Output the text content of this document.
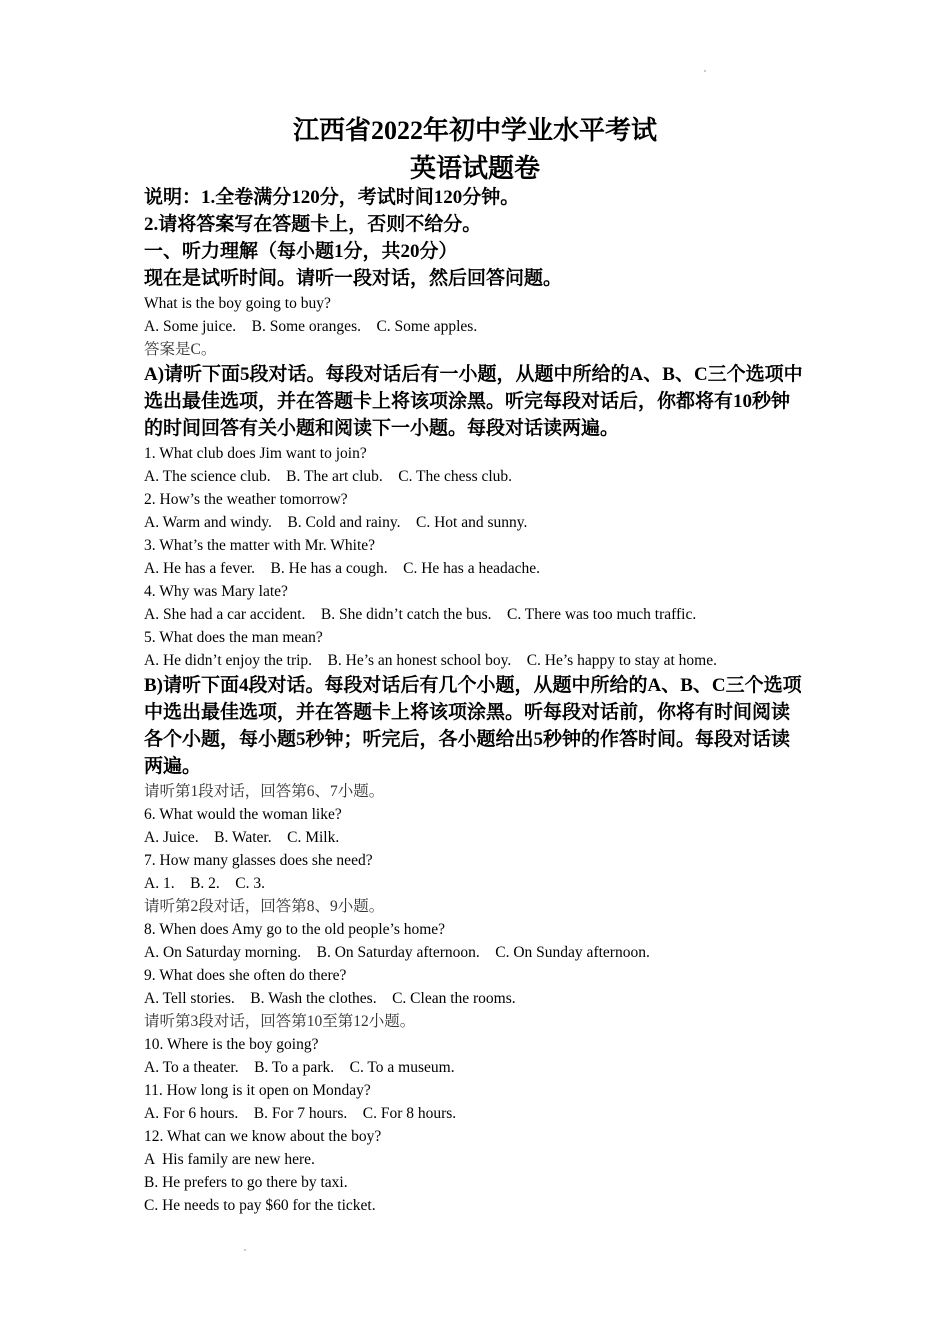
江西省2022年初中学业水平考试
英语试题卷

说明：1.全卷满分120分，考试时间120分钟。

2.请将答案写在答题卡上，否则不给分。

一、听力理解（每小题1分，共20分）

现在是试听时间。请听一段对话，然后回答问题。

What is the boy going to buy?

A. Some juice.    B. Some oranges.    C. Some apples.

答案是C。

A)请听下面5段对话。每段对话后有一小题，从题中所给的A、B、C三个选项中选出最佳选项，并在答题卡上将该项涂黑。听完每段对话后，你都将有10秒钟的时间回答有关小题和阅读下一小题。每段对话读两遍。

1. What club does Jim want to join?

A. The science club.    B. The art club.    C. The chess club.

2. How’s the weather tomorrow?

A. Warm and windy.    B. Cold and rainy.    C. Hot and sunny.

3. What’s the matter with Mr. White?

A. He has a fever.    B. He has a cough.    C. He has a headache.

4. Why was Mary late?

A. She had a car accident.    B. She didn’t catch the bus.    C. There was too much traffic.

5. What does the man mean?

A. He didn’t enjoy the trip.    B. He’s an honest school boy.    C. He’s happy to stay at home.

B)请听下面4段对话。每段对话后有几个小题，从题中所给的A、B、C三个选项中选出最佳选项，并在答题卡上将该项涂黑。听每段对话前，你将有时间阅读各个小题，每小题5秒钟；听完后，各小题给出5秒钟的作答时间。每段对话读两遍。

请听第1段对话，回答第6、7小题。

6. What would the woman like?

A. Juice.    B. Water.    C. Milk.

7. How many glasses does she need?

A. 1.    B. 2.    C. 3.

请听第2段对话，回答第8、9小题。

8. When does Amy go to the old people’s home?

A. On Saturday morning.    B. On Saturday afternoon.    C. On Sunday afternoon.

9. What does she often do there?

A. Tell stories.    B. Wash the clothes.    C. Clean the rooms.

请听第3段对话，回答第10至第12小题。

10. Where is the boy going?

A. To a theater.    B. To a park.    C. To a museum.

11. How long is it open on Monday?

A. For 6 hours.    B. For 7 hours.    C. For 8 hours.

12. What can we know about the boy?

A  His family are new here.

B. He prefers to go there by taxi.

C. He needs to pay $60 for the ticket.
